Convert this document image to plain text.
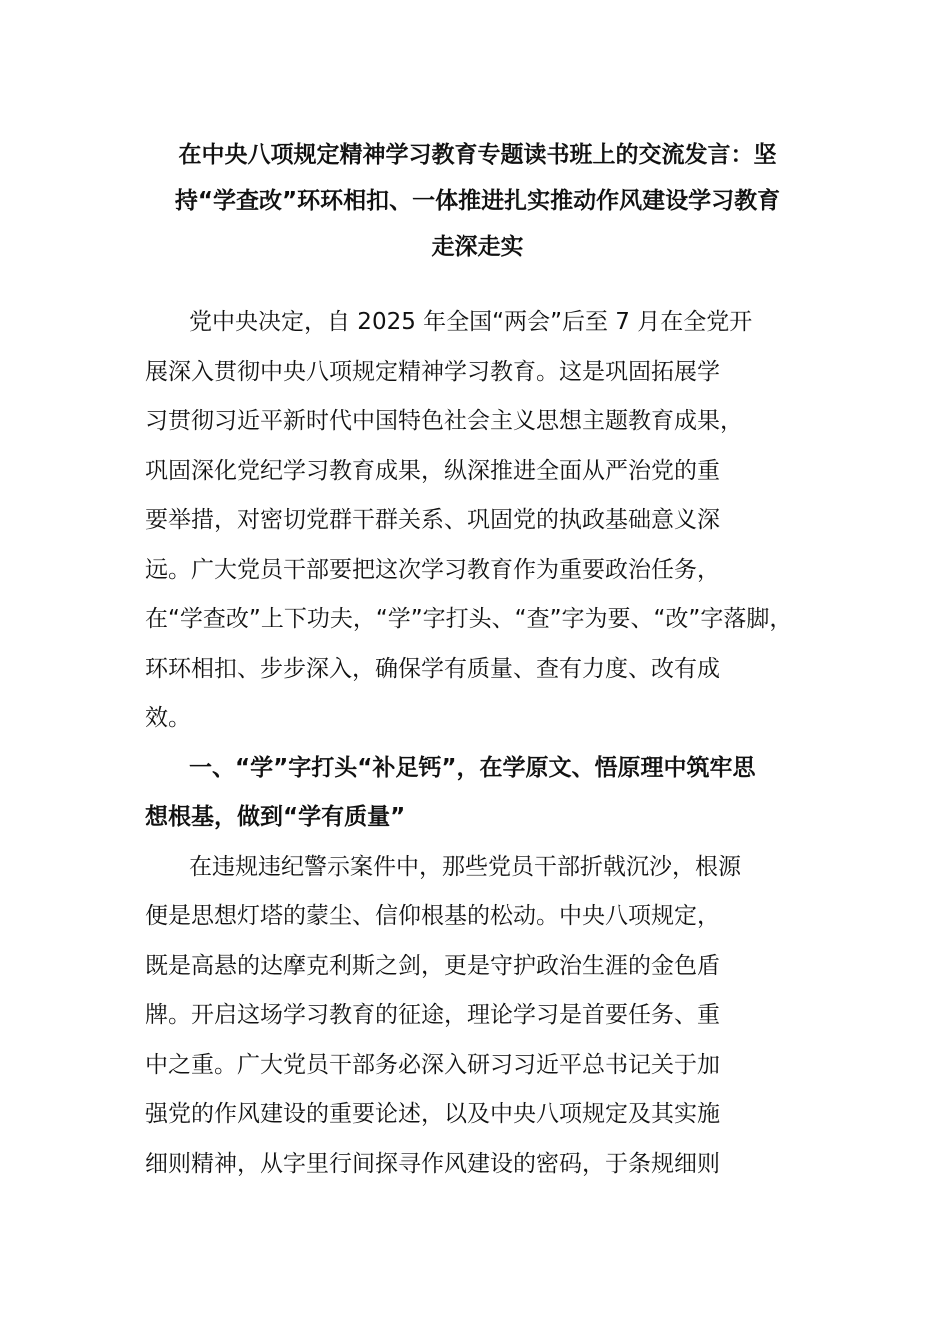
在中央八项规定精神学习教育专题读书班上的交流发言：坚
持“学查改”环环相扣、一体推进扎实推动作风建设学习教育
走深走实
党中央决定，自 2025 年全国“两会”后至 7 月在全党开
展深入贯彻中央八项规定精神学习教育。这是巩固拓展学
习贯彻习近平新时代中国特色社会主义思想主题教育成果，
巩固深化党纪学习教育成果，纵深推进全面从严治党的重
要举措，对密切党群干群关系、巩固党的执政基础意义深
远。广大党员干部要把这次学习教育作为重要政治任务，
在“学查改”上下功夫，“学”字打头、“查”字为要、“改”字落脚，
环环相扣、步步深入，确保学有质量、查有力度、改有成
效。
一、“学”字打头“补足钙”，在学原文、悟原理中筑牢思
想根基，做到“学有质量”
在违规违纪警示案件中，那些党员干部折戟沉沙，根源
便是思想灯塔的蒙尘、信仰根基的松动。中央八项规定，
既是高悬的达摩克利斯之剑，更是守护政治生涯的金色盾
牌。开启这场学习教育的征途，理论学习是首要任务、重
中之重。广大党员干部务必深入研习习近平总书记关于加
强党的作风建设的重要论述，以及中央八项规定及其实施
细则精神，从字里行间探寻作风建设的密码，于条规细则
